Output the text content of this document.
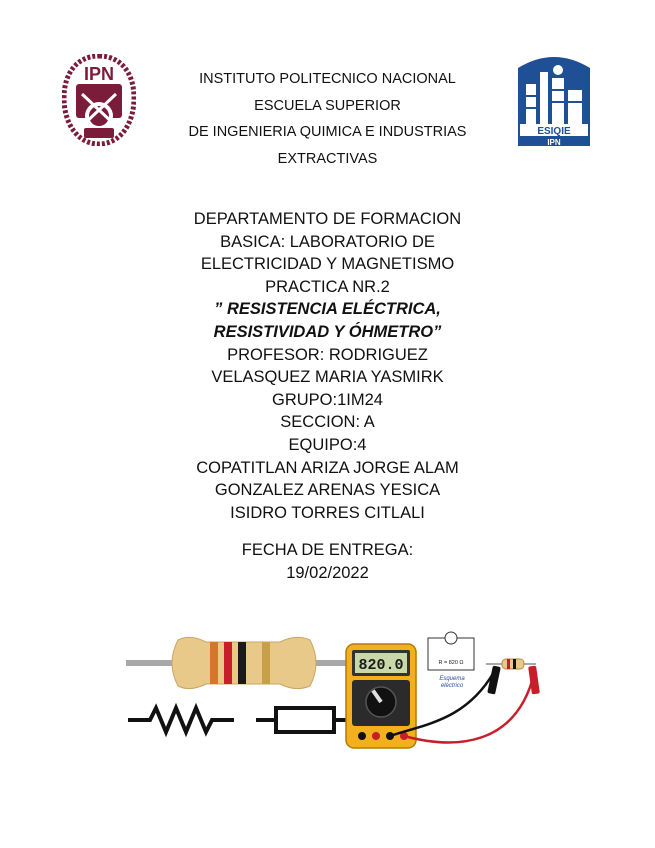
IPN
ESIQIE
IPN
INSTITUTO POLITECNICO NACIONAL
ESCUELA SUPERIOR
DE INGENIERIA QUIMICA E INDUSTRIAS
EXTRACTIVAS
DEPARTAMENTO DE FORMACION
BASICA: LABORATORIO DE
ELECTRICIDAD Y MAGNETISMO
PRACTICA NR.2
” RESISTENCIA ELÉCTRICA,
RESISTIVIDAD Y ÓHMETRO”
PROFESOR: RODRIGUEZ
VELASQUEZ MARIA YASMIRK
GRUPO:1IM24
SECCION: A
EQUIPO:4
COPATITLAN ARIZA JORGE ALAM
GONZALEZ ARENAS YESICA
ISIDRO TORRES CITLALI
FECHA DE ENTREGA:
19/02/2022
820.0	R = 820 Ω
Esquema
eléctrico
